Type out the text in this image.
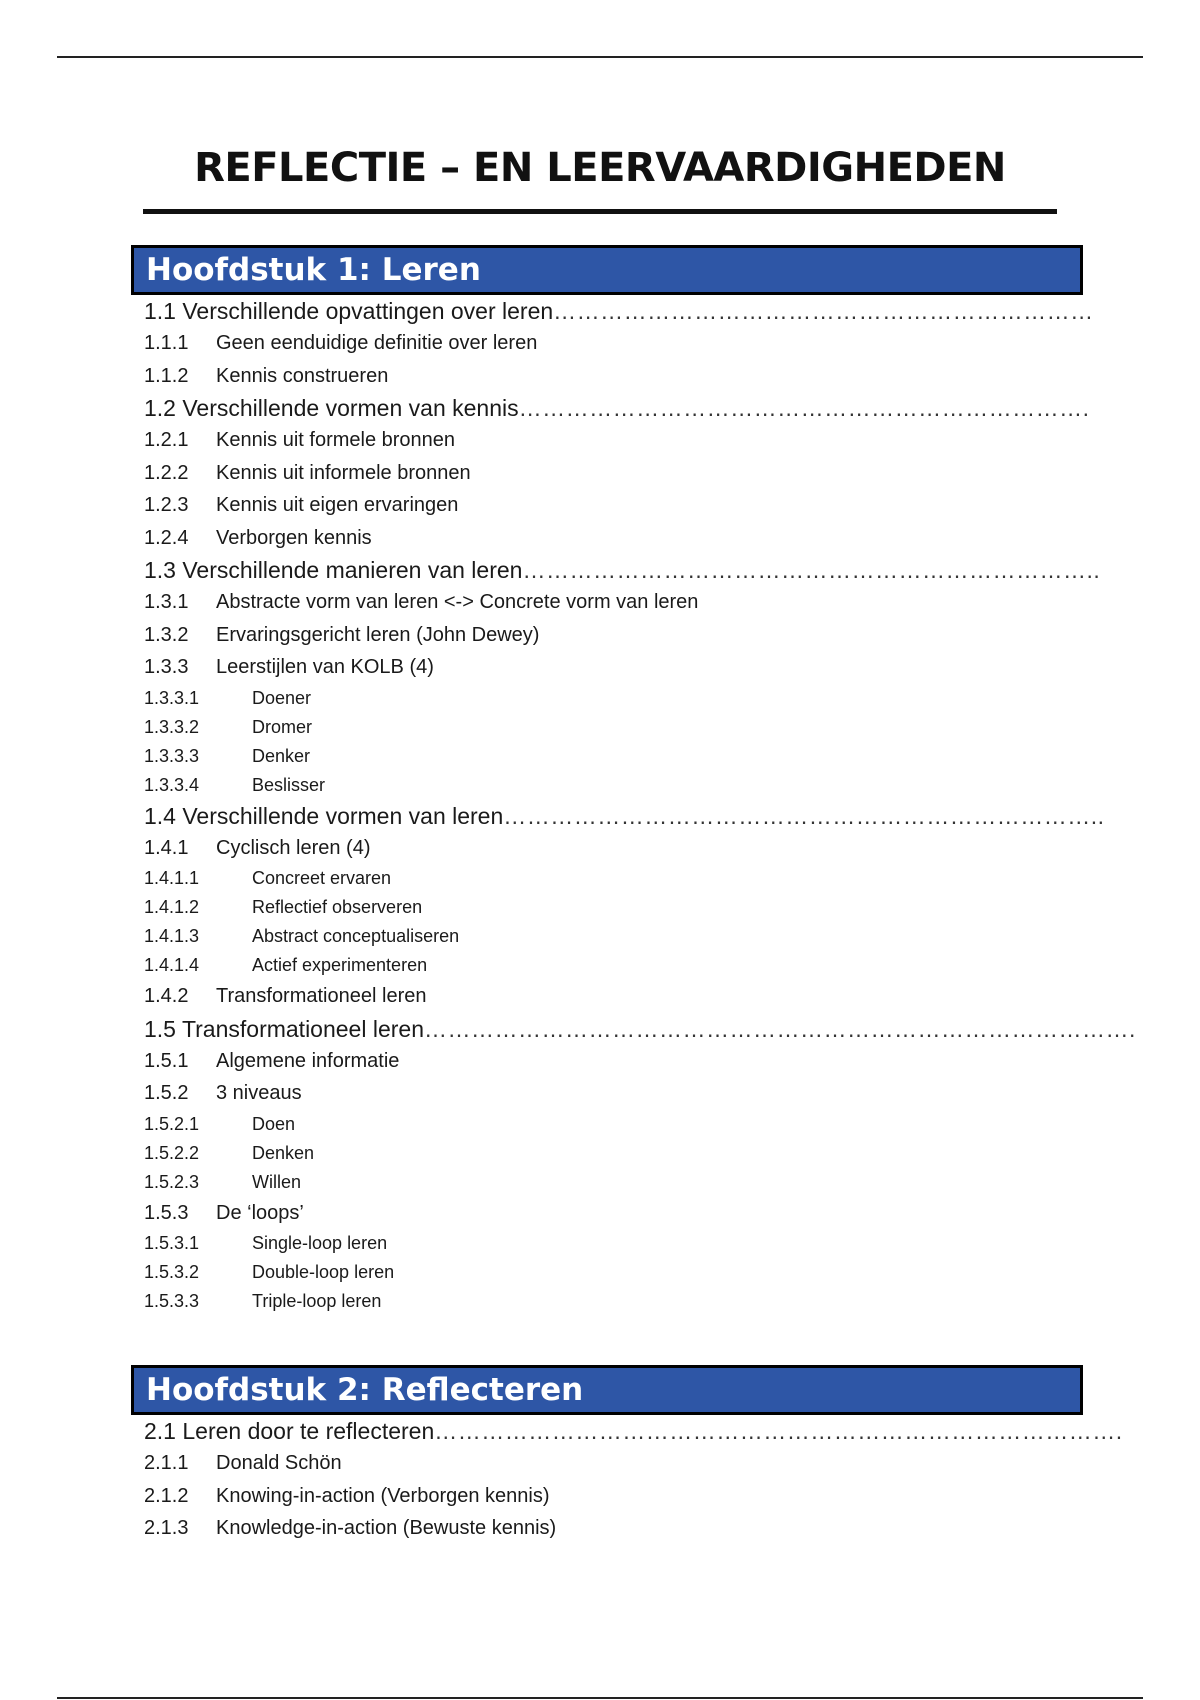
REFLECTIE – EN LEERVAARDIGHEDEN
Hoofdstuk 1: Leren
1.1 Verschillende opvattingen over leren……………………………………………………………
1.1.1 Geen eenduidige definitie over leren
1.1.2 Kennis construeren
1.2 Verschillende vormen van kennis……………………………………………………………….
1.2.1 Kennis uit formele bronnen
1.2.2 Kennis uit informele bronnen
1.2.3 Kennis uit eigen ervaringen
1.2.4 Verborgen kennis
1.3 Verschillende manieren van leren………………………………………………………………..
1.3.1 Abstracte vorm van leren <-> Concrete vorm van leren
1.3.2 Ervaringsgericht leren (John Dewey)
1.3.3 Leerstijlen van KOLB (4)
1.3.3.1	Doener
1.3.3.2	Dromer
1.3.3.3	Denker
1.3.3.4	Beslisser
1.4 Verschillende vormen van leren…………………………………………………………………..
1.4.1 Cyclisch leren (4)
1.4.1.1	Concreet ervaren
1.4.1.2	Reflectief observeren
1.4.1.3	Abstract conceptualiseren
1.4.1.4	Actief experimenteren
1.4.2 Transformationeel leren
1.5 Transformationeel leren……………………………………………………………………………….
1.5.1 Algemene informatie
1.5.2 3 niveaus
1.5.2.1	Doen
1.5.2.2	Denken
1.5.2.3	Willen
1.5.3 De ‘loops’
1.5.3.1	Single-loop leren
1.5.3.2	Double-loop leren
1.5.3.3	Triple-loop leren
Hoofdstuk 2: Reflecteren
2.1 Leren door te reflecteren…………………………………………………………………………….
2.1.1 Donald Schön
2.1.2 Knowing-in-action (Verborgen kennis)
2.1.3 Knowledge-in-action (Bewuste kennis)
